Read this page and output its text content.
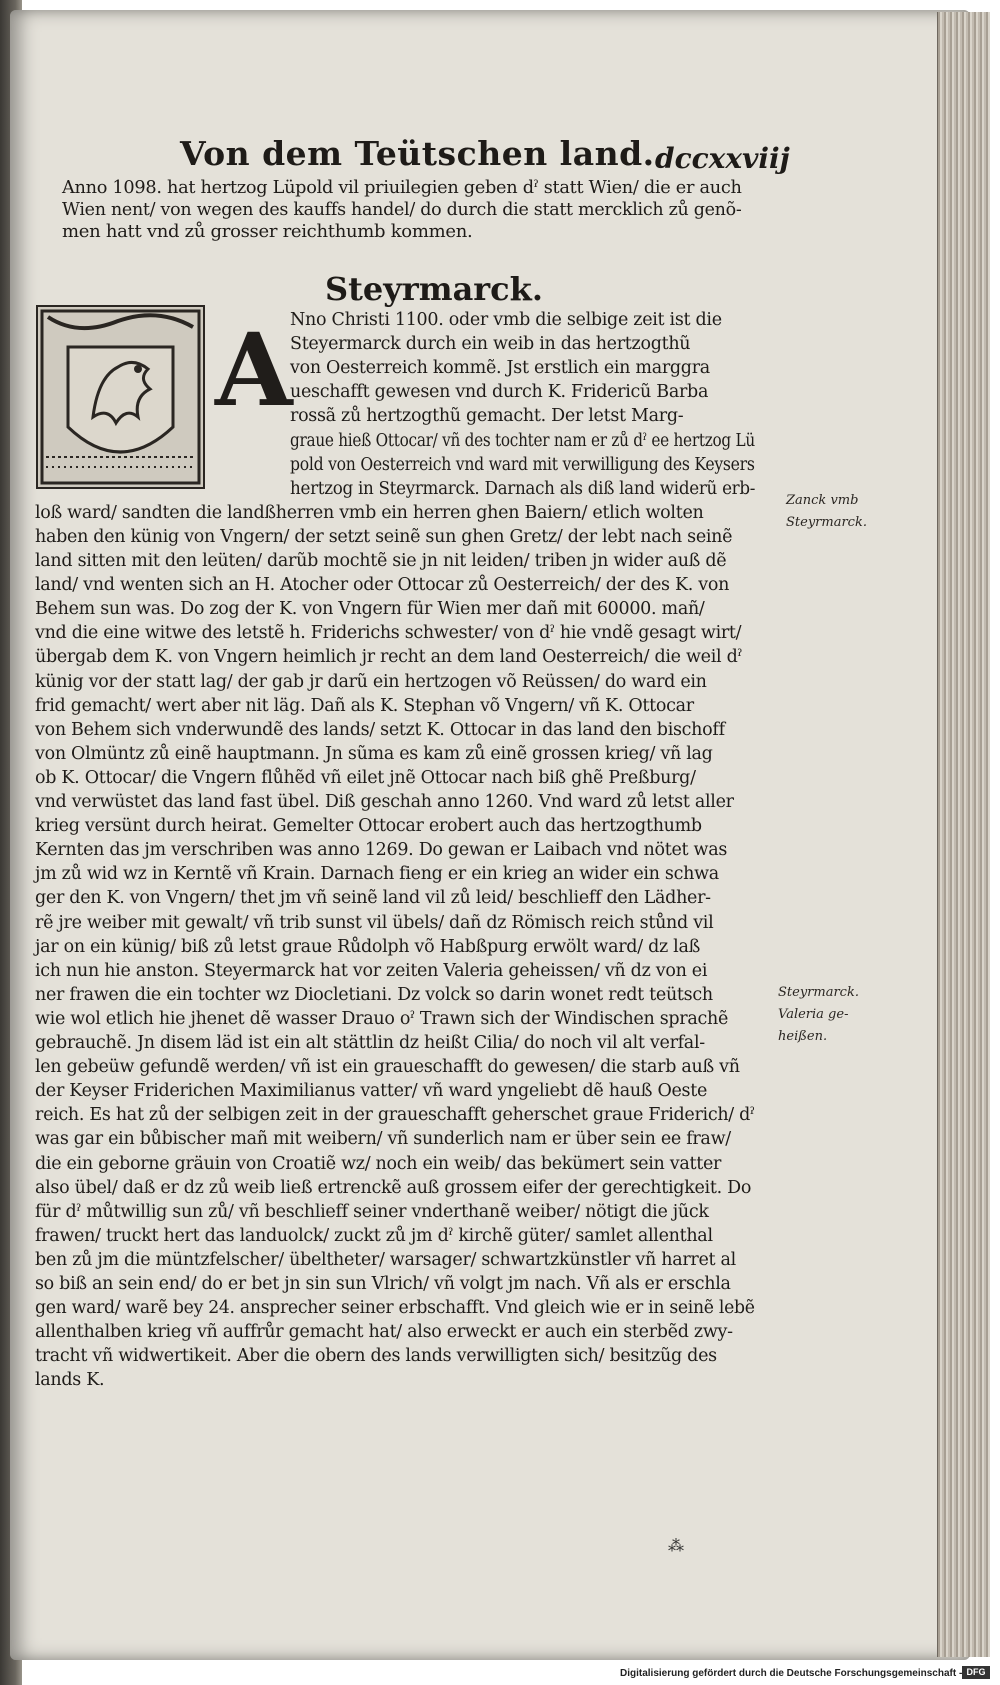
Von dem Teütschen land. dccxxviij
Anno 1098. hat hertzog Lüpold vil priuilegien geben dˀ statt Wien/ die er auch
Wien nent/ von wegen des kauffs handel/ do durch die statt mercklich zů genõ-
men hatt vnd zů grosser reichthumb kommen.
Steyrmarck.
A
Nno Christi 1100. oder vmb die selbige zeit ist die
Steyermarck durch ein weib in das hertzogthũ
von Oesterreich kommẽ. Jst erstlich ein marggra
ueschafft gewesen vnd durch K. Fridericũ Barba
rossã zů hertzogthũ gemacht. Der letst Marg-
graue hieß Ottocar/ vñ des tochter nam er zů dˀ ee hertzog Lü
pold von Oesterreich vnd ward mit verwilligung des Keysers
hertzog in Steyrmarck. Darnach als diß land widerũ erb-
loß ward/ sandten die landßherren vmb ein herren ghen Baiern/ etlich wolten
haben den künig von Vngern/ der setzt seinẽ sun ghen Gretz/ der lebt nach seinẽ
land sitten mit den leüten/ darũb mochtẽ sie jn nit leiden/ triben jn wider auß dẽ
land/ vnd wenten sich an H. Atocher oder Ottocar zů Oesterreich/ der des K. von
Behem sun was. Do zog der K. von Vngern für Wien mer dañ mit 60000. mañ/
vnd die eine witwe des letstẽ h. Friderichs schwester/ von dˀ hie vndẽ gesagt wirt/
übergab dem K. von Vngern heimlich jr recht an dem land Oesterreich/ die weil dˀ
künig vor der statt lag/ der gab jr darũ ein hertzogen võ Reüssen/ do ward ein
frid gemacht/ wert aber nit läg. Dañ als K. Stephan võ Vngern/ vñ K. Ottocar
von Behem sich vnderwundẽ des lands/ setzt K. Ottocar in das land den bischoff
von Olmüntz zů einẽ hauptmann. Jn sũma es kam zů einẽ grossen krieg/ vñ lag
ob K. Ottocar/ die Vngern flůhẽd vñ eilet jnẽ Ottocar nach biß ghẽ Preßburg/
vnd verwüstet das land fast übel. Diß geschah anno 1260. Vnd ward zů letst aller
krieg versünt durch heirat. Gemelter Ottocar erobert auch das hertzogthumb
Kernten das jm verschriben was anno 1269. Do gewan er Laibach vnd nötet was
jm zů wid wz in Kerntẽ vñ Krain. Darnach fieng er ein krieg an wider ein schwa
ger den K. von Vngern/ thet jm vñ seinẽ land vil zů leid/ beschlieff den Lädher-
rẽ jre weiber mit gewalt/ vñ trib sunst vil übels/ dañ dz Römisch reich stůnd vil
jar on ein künig/ biß zů letst graue Růdolph võ Habßpurg erwölt ward/ dz laß
ich nun hie anston. Steyermarck hat vor zeiten Valeria geheissen/ vñ dz von ei
ner frawen die ein tochter wz Diocletiani. Dz volck so darin wonet redt teütsch
wie wol etlich hie jhenet dẽ wasser Drauo oˀ Trawn sich der Windischen sprachẽ
gebrauchẽ. Jn disem läd ist ein alt stättlin dz heißt Cilia/ do noch vil alt verfal-
len gebeüw gefundẽ werden/ vñ ist ein graueschafft do gewesen/ die starb auß vñ
der Keyser Friderichen Maximilianus vatter/ vñ ward yngeliebt dẽ hauß Oeste
reich. Es hat zů der selbigen zeit in der graueschafft geherschet graue Friderich/ dˀ
was gar ein bůbischer mañ mit weibern/ vñ sunderlich nam er über sein ee fraw/
die ein geborne gräuin von Croatiẽ wz/ noch ein weib/ das bekümert sein vatter
also übel/ daß er dz zů weib ließ ertrenckẽ auß grossem eifer der gerechtigkeit. Do
für dˀ můtwillig sun zů/ vñ beschlieff seiner vnderthanẽ weiber/ nötigt die jũck
frawen/ truckt hert das landuolck/ zuckt zů jm dˀ kirchẽ güter/ samlet allenthal
ben zů jm die müntzfelscher/ übeltheter/ warsager/ schwartzkünstler vñ harret al
so biß an sein end/ do er bet jn sin sun Vlrich/ vñ volgt jm nach. Vñ als er erschla
gen ward/ warẽ bey 24. ansprecher seiner erbschafft. Vnd gleich wie er in seinẽ lebẽ
allenthalben krieg vñ auffrůr gemacht hat/ also erweckt er auch ein sterbẽd zwy-
tracht vñ widwertikeit. Aber die obern des lands verwilligten sich/ besitzũg des
lands K.
Zanck vmb
Steyrmarck.
Steyrmarck.
Valeria ge-
heißen.
⁂
Digitalisierung gefördert durch die Deutsche Forschungsgemeinschaft - DFG
